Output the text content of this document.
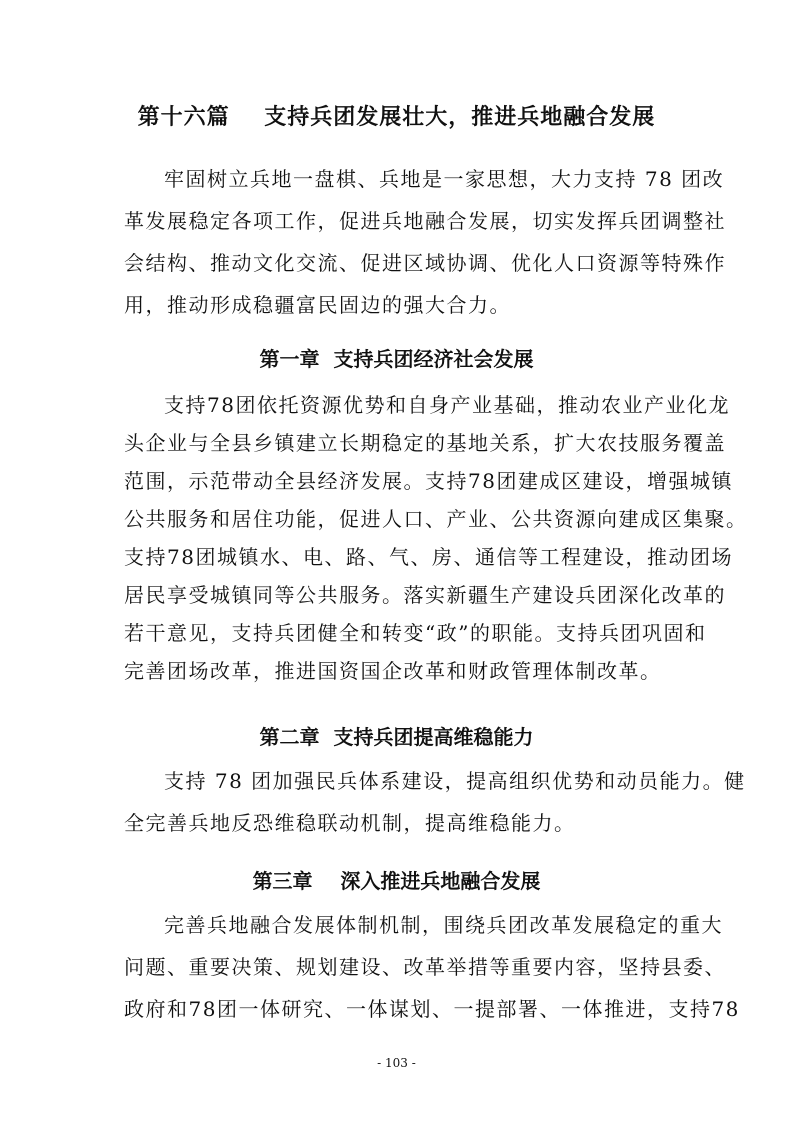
第十六篇    支持兵团发展壮大，推进兵地融合发展

牢固树立兵地一盘棋、兵地是一家思想，大力支持 78 团改
革发展稳定各项工作，促进兵地融合发展，切实发挥兵团调整社
会结构、推动文化交流、促进区域协调、优化人口资源等特殊作
用，推动形成稳疆富民固边的强大合力。

第一章  支持兵团经济社会发展

支持78团依托资源优势和自身产业基础，推动农业产业化龙
头企业与全县乡镇建立长期稳定的基地关系，扩大农技服务覆盖
范围，示范带动全县经济发展。支持78团建成区建设，增强城镇
公共服务和居住功能，促进人口、产业、公共资源向建成区集聚。
支持78团城镇水、电、路、气、房、通信等工程建设，推动团场
居民享受城镇同等公共服务。落实新疆生产建设兵团深化改革的
若干意见，支持兵团健全和转变“政”的职能。支持兵团巩固和
完善团场改革，推进国资国企改革和财政管理体制改革。

第二章  支持兵团提高维稳能力

支持 78 团加强民兵体系建设，提高组织优势和动员能力。健
全完善兵地反恐维稳联动机制，提高维稳能力。

第三章    深入推进兵地融合发展

完善兵地融合发展体制机制，围绕兵团改革发展稳定的重大
问题、重要决策、规划建设、改革举措等重要内容，坚持县委、
政府和78团一体研究、一体谋划、一提部署、一体推进，支持78

- 103 -
